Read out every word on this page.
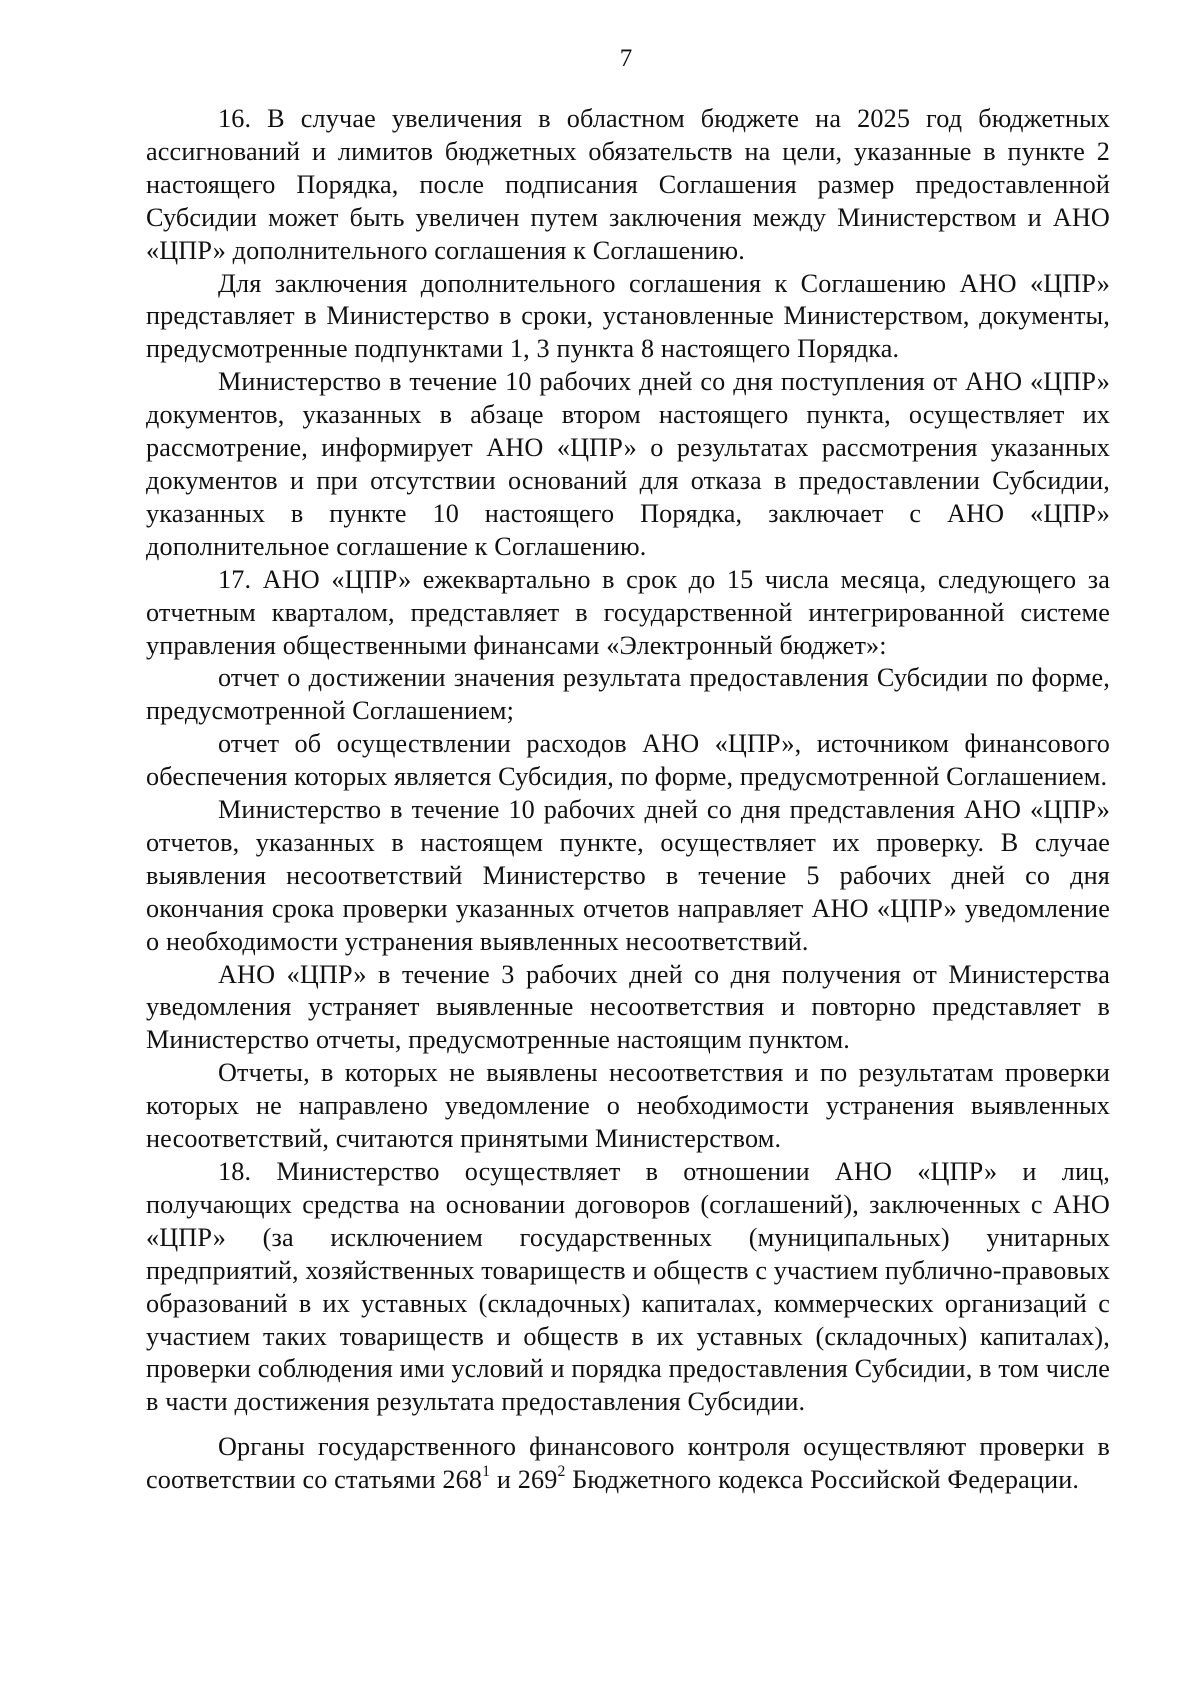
7

16. В случае увеличения в областном бюджете на 2025 год бюджетных ассигнований и лимитов бюджетных обязательств на цели, указанные в пункте 2 настоящего Порядка, после подписания Соглашения размер предоставленной Субсидии может быть увеличен путем заключения между Министерством и АНО «ЦПР» дополнительного соглашения к Соглашению.

Для заключения дополнительного соглашения к Соглашению АНО «ЦПР» представляет в Министерство в сроки, установленные Министерством, документы, предусмотренные подпунктами 1, 3 пункта 8 настоящего Порядка.

Министерство в течение 10 рабочих дней со дня поступления от АНО «ЦПР» документов, указанных в абзаце втором настоящего пункта, осуществляет их рассмотрение, информирует АНО «ЦПР» о результатах рассмотрения указанных документов и при отсутствии оснований для отказа в предоставлении Субсидии, указанных в пункте 10 настоящего Порядка, заключает с АНО «ЦПР» дополнительное соглашение к Соглашению.

17. АНО «ЦПР» ежеквартально в срок до 15 числа месяца, следующего за отчетным кварталом, представляет в государственной интегрированной системе управления общественными финансами «Электронный бюджет»:

отчет о достижении значения результата предоставления Субсидии по форме, предусмотренной Соглашением;

отчет об осуществлении расходов АНО «ЦПР», источником финансового обеспечения которых является Субсидия, по форме, предусмотренной Соглашением.

Министерство в течение 10 рабочих дней со дня представления АНО «ЦПР» отчетов, указанных в настоящем пункте, осуществляет их проверку. В случае выявления несоответствий Министерство в течение 5 рабочих дней со дня окончания срока проверки указанных отчетов направляет АНО «ЦПР» уведомление о необходимости устранения выявленных несоответствий.

АНО «ЦПР» в течение 3 рабочих дней со дня получения от Министерства уведомления устраняет выявленные несоответствия и повторно представляет в Министерство отчеты, предусмотренные настоящим пунктом.

Отчеты, в которых не выявлены несоответствия и по результатам проверки которых не направлено уведомление о необходимости устранения выявленных несоответствий, считаются принятыми Министерством.

18. Министерство осуществляет в отношении АНО «ЦПР» и лиц, получающих средства на основании договоров (соглашений), заключенных с АНО «ЦПР» (за исключением государственных (муниципальных) унитарных предприятий, хозяйственных товариществ и обществ с участием публично-правовых образований в их уставных (складочных) капиталах, коммерческих организаций с участием таких товариществ и обществ в их уставных (складочных) капиталах), проверки соблюдения ими условий и порядка предоставления Субсидии, в том числе в части достижения результата предоставления Субсидии.

Органы государственного финансового контроля осуществляют проверки в соответствии со статьями $268^1$ и $269^2$ Бюджетного кодекса Российской Федерации.
